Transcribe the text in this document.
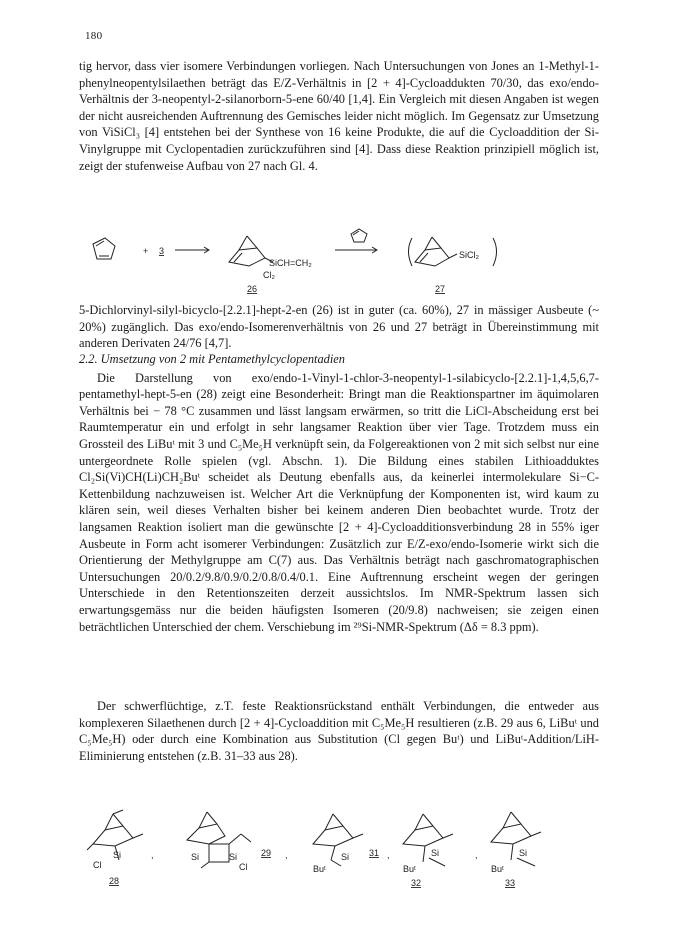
180

tig hervor, dass vier isomere Verbindungen vorliegen. Nach Untersuchungen von Jones an 1-Methyl-1-phenylneopentylsilaethen beträgt das E/Z-Verhältnis in [2 + 4]-Cycloaddukten 70/30, das exo/endo-Verhältnis der 3-neopentyl-2-silanorborn-5-ene 60/40 [1,4]. Ein Vergleich mit diesen Angaben ist wegen der nicht ausreichenden Auftrennung des Gemisches leider nicht möglich. Im Gegensatz zur Umsetzung von ViSiCl₃ [4] entstehen bei der Synthese von 16 keine Produkte, die auf die Cycloaddition der Si-Vinylgruppe mit Cyclopentadien zurückzuführen sind [4]. Dass diese Reaktion prinzipiell möglich ist, zeigt der stufenweise Aufbau von 27 nach Gl. 4.

+ 3
SiCH=CH₂
Cl₂
26
SiCl₂
27

5-Dichlorvinyl-silyl-bicyclo-[2.2.1]-hept-2-en (26) ist in guter (ca. 60%), 27 in mässiger Ausbeute (~ 20%) zugänglich. Das exo/endo-Isomerenverhältnis von 26 und 27 beträgt in Übereinstimmung mit anderen Derivaten 24/76 [4,7].

2.2. Umsetzung von 2 mit Pentamethylcyclopentadien

Die Darstellung von exo/endo-1-Vinyl-1-chlor-3-neopentyl-1-silabicyclo-[2.2.1]-1,4,5,6,7-pentamethyl-hept-5-en (28) zeigt eine Besonderheit: Bringt man die Reaktionspartner im äquimolaren Verhältnis bei − 78 °C zusammen und lässt langsam erwärmen, so tritt die LiCl-Abscheidung erst bei Raumtemperatur ein und erfolgt in sehr langsamer Reaktion über vier Tage. Trotzdem muss ein Grossteil des LiBuᵗ mit 3 und C₅Me₅H verknüpft sein, da Folgereaktionen von 2 mit sich selbst nur eine untergeordnete Rolle spielen (vgl. Abschn. 1). Die Bildung eines stabilen Lithioadduktes Cl₂Si(Vi)CH(Li)CH₂Buᵗ scheidet als Deutung ebenfalls aus, da keinerlei intermolekulare Si−C-Kettenbildung nachzuweisen ist. Welcher Art die Verknüpfung der Komponenten ist, wird kaum zu klären sein, weil dieses Verhalten bisher bei keinem anderen Dien beobachtet wurde. Trotz der langsamen Reaktion isoliert man die gewünschte [2 + 4]-Cycloadditionsverbindung 28 in 55% iger Ausbeute in Form acht isomerer Verbindungen: Zusätzlich zur E/Z-exo/endo-Isomerie wirkt sich die Orientierung der Methylgruppe am C(7) aus. Das Verhältnis beträgt nach gaschromatographischen Untersuchungen 20/0.2/9.8/0.9/0.2/0.8/0.4/0.1. Eine Auftrennung erscheint wegen der geringen Unterschiede in den Retentionszeiten derzeit aussichtslos. Im NMR-Spektrum lassen sich erwartungsgemäss nur die beiden häufigsten Isomeren (20/9.8) nachweisen; sie zeigen einen beträchtlichen Unterschied der chem. Verschiebung im ²⁹Si-NMR-Spektrum (Δδ = 8.3 ppm).

Der schwerflüchtige, z.T. feste Reaktionsrückstand enthält Verbindungen, die entweder aus komplexeren Silaethenen durch [2 + 4]-Cycloaddition mit C₅Me₅H resultieren (z.B. 29 aus 6, LiBuᵗ und C₅Me₅H) oder durch eine Kombination aus Substitution (Cl gegen Buᵗ) und LiBuᵗ-Addition/LiH-Eliminierung entstehen (z.B. 31–33 aus 28).

Si
Cl
28
,	Si	Si
Cl
29 ,	Si
Buᵗ
31 ,	Si
Buᵗ
32
,	Si
Buᵗ
33
